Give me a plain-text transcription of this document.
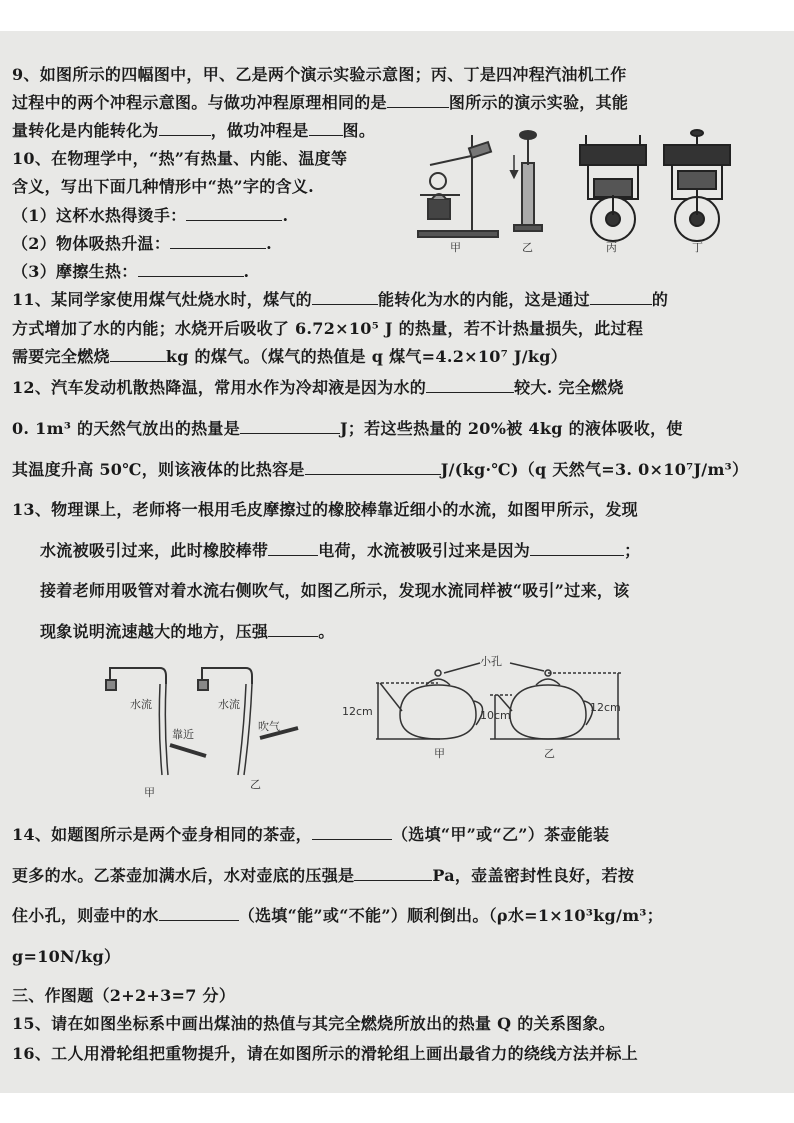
9、如图所示的四幅图中，甲、乙是两个演示实验示意图；丙、丁是四冲程汽油机工作
过程中的两个冲程示意图。与做功冲程原理相同的是	图所示的演示实验，其能
量转化是内能转化为	，做功冲程是 图。
10、在物理学中，“热”有热量、内能、温度等
含义，写出下面几种情形中“热”字的含义.
（1）这杯水热得烫手：	.
（2）物体吸热升温：	.
（3）摩擦生热：	.
甲	乙	丙	丁
11、某同学家使用煤气灶烧水时，煤气的	能转化为水的内能，这是通过	的
方式增加了水的内能；水烧开后吸收了 6.72×10⁵ J 的热量，若不计热量损失，此过程
需要完全燃烧	kg 的煤气。（煤气的热值是 q 煤气=4.2×10⁷ J/kg）
12、汽车发动机散热降温，常用水作为冷却液是因为水的	较大. 完全燃烧
0. 1m³ 的天然气放出的热量是	J；若这些热量的 20%被 4kg 的液体吸收，使
其温度升高 50℃，则该液体的比热容是	J/(kg·℃)（q 天然气=3. 0×10⁷J/m³）
13、物理课上，老师将一根用毛皮摩擦过的橡胶棒靠近细小的水流，如图甲所示，发现
水流被吸引过来，此时橡胶棒带	电荷，水流被吸引过来是因为	；
接着老师用吸管对着水流右侧吹气，如图乙所示，发现水流同样被“吸引”过来，该
现象说明流速越大的地方，压强	。
水流
靠近
水流
吹气
甲
乙
小孔
12cm	10cm
12cm
甲	乙
14、如题图所示是两个壶身相同的茶壶，	（选填“甲”或“乙”）茶壶能装
更多的水。乙茶壶加满水后，水对壶底的压强是	Pa，壶盖密封性良好，若按
住小孔，则壶中的水	（选填“能”或“不能”）顺利倒出。（ρ水=1×10³kg/m³；
g=10N/kg）
三、作图题（2+2+3=7 分）
15、请在如图坐标系中画出煤油的热值与其完全燃烧所放出的热量 Q 的关系图象。
16、工人用滑轮组把重物提升，请在如图所示的滑轮组上画出最省力的绕线方法并标上
